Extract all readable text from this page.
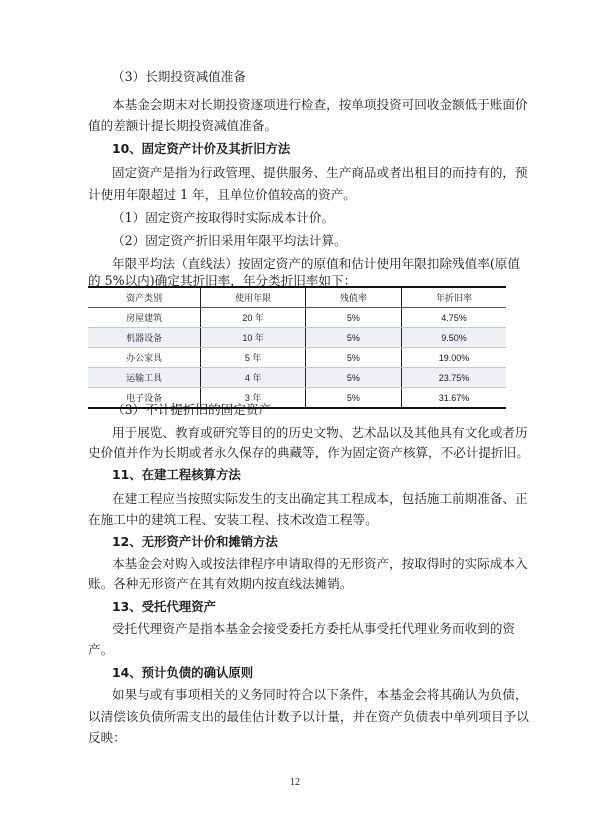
（3）长期投资减值准备
本基金会期末对长期投资逐项进行检查，按单项投资可回收金额低于账面价
值的差额计提长期投资减值准备。
10、固定资产计价及其折旧方法
固定资产是指为行政管理、提供服务、生产商品或者出租目的而持有的，预
计使用年限超过 1 年，且单位价值较高的资产。
（1）固定资产按取得时实际成本计价。
（2）固定资产折旧采用年限平均法计算。
年限平均法（直线法）按固定资产的原值和估计使用年限扣除残值率(原值
的 5%以内)确定其折旧率，年分类折旧率如下：
资产类别	使用年限	残值率	年折旧率
房屋建筑	20 年	5%	4.75%
机器设备	10 年	5%	9.50%
办公家具	5 年	5%	19.00%
运输工具	4 年	5%	23.75%
电子设备	3 年	5%	31.67%
（3）不计提折旧的固定资产
用于展览、教育或研究等目的的历史文物、艺术品以及其他具有文化或者历
史价值并作为长期或者永久保存的典藏等，作为固定资产核算，不必计提折旧。
11、在建工程核算方法
在建工程应当按照实际发生的支出确定其工程成本，包括施工前期准备、正
在施工中的建筑工程、安装工程、技术改造工程等。
12、无形资产计价和摊销方法
本基金会对购入或按法律程序申请取得的无形资产，按取得时的实际成本入
账。各种无形资产在其有效期内按直线法摊销。
13、受托代理资产
受托代理资产是指本基金会接受委托方委托从事受托代理业务而收到的资
产。
14、预计负债的确认原则
如果与或有事项相关的义务同时符合以下条件，本基金会将其确认为负债，
以清偿该负债所需支出的最佳估计数予以计量，并在资产负债表中单列项目予以
反映：
12
